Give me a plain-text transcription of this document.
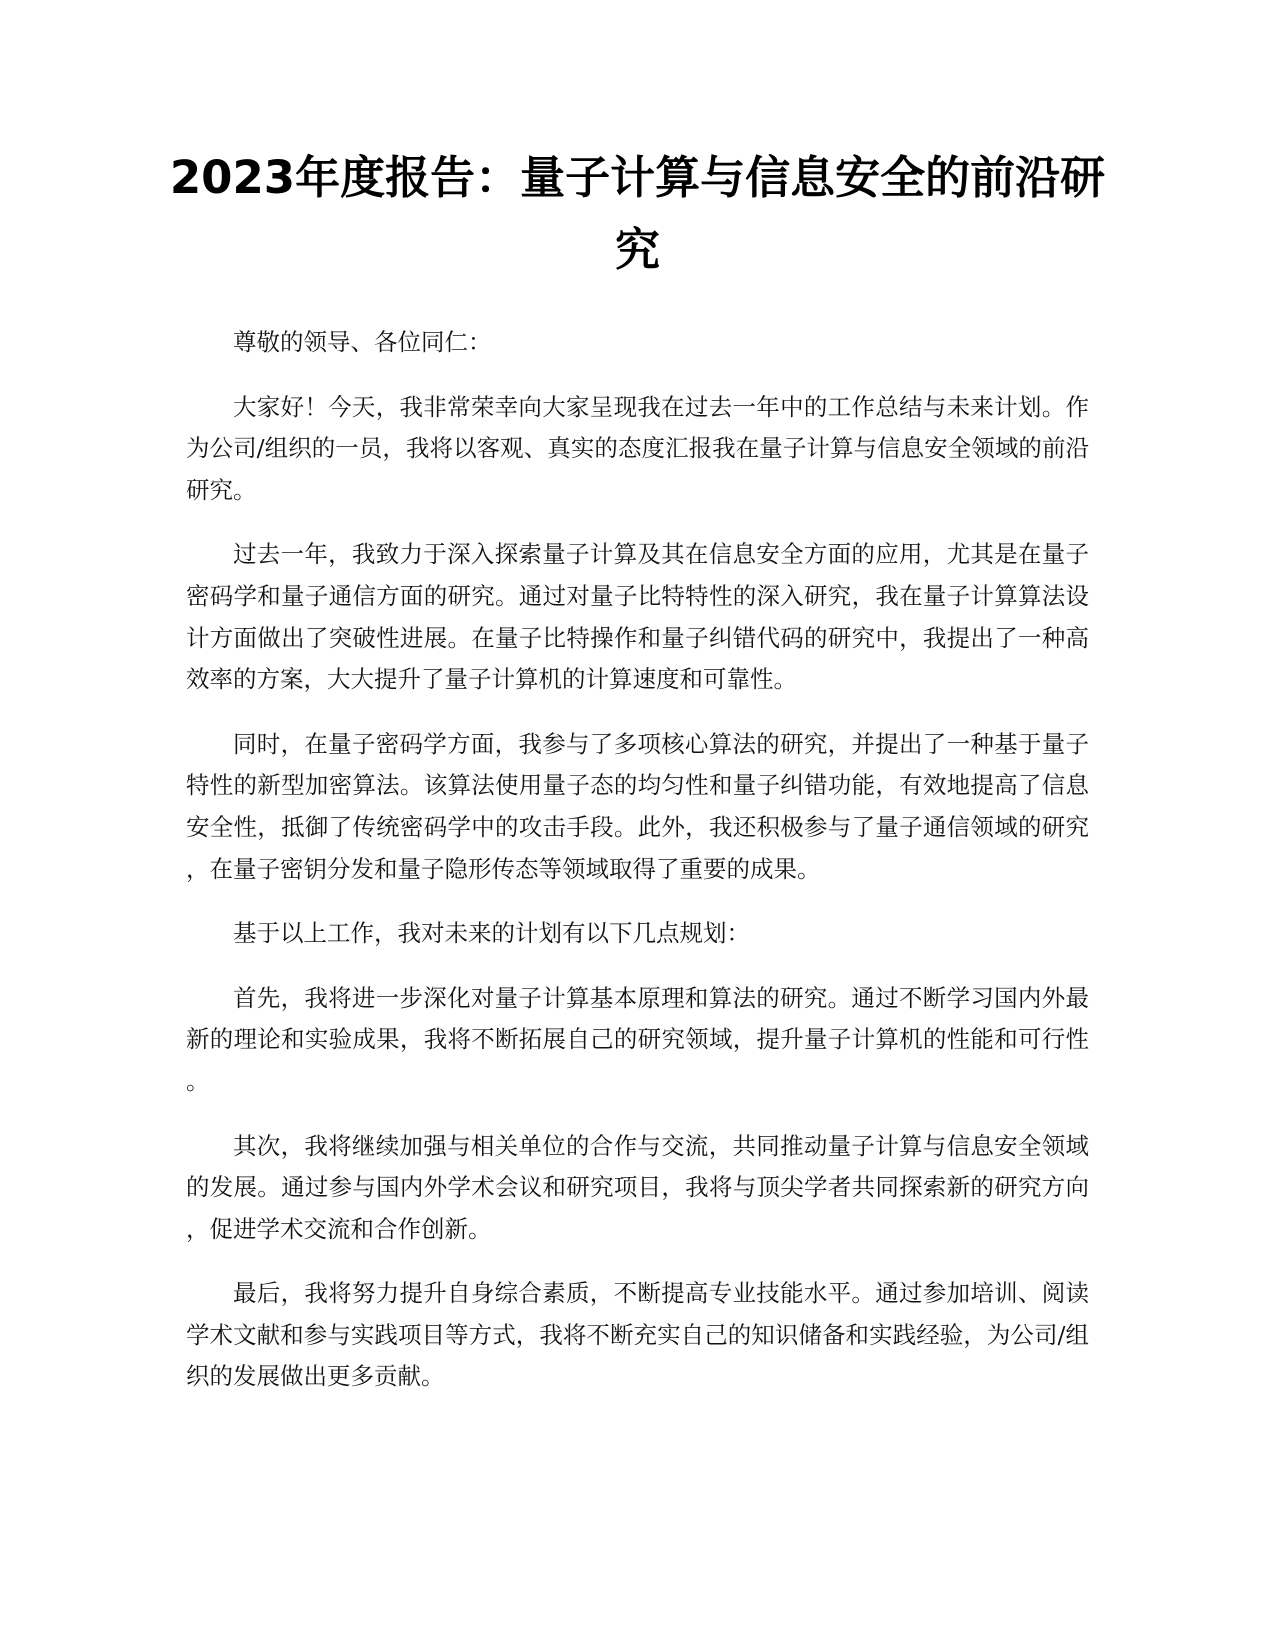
2023年度报告：量子计算与信息安全的前沿研究

尊敬的领导、各位同仁：

大家好！今天，我非常荣幸向大家呈现我在过去一年中的工作总结与未来计划。作为公司/组织的一员，我将以客观、真实的态度汇报我在量子计算与信息安全领域的前沿研究。

过去一年，我致力于深入探索量子计算及其在信息安全方面的应用，尤其是在量子密码学和量子通信方面的研究。通过对量子比特特性的深入研究，我在量子计算算法设计方面做出了突破性进展。在量子比特操作和量子纠错代码的研究中，我提出了一种高效率的方案，大大提升了量子计算机的计算速度和可靠性。

同时，在量子密码学方面，我参与了多项核心算法的研究，并提出了一种基于量子特性的新型加密算法。该算法使用量子态的均匀性和量子纠错功能，有效地提高了信息安全性，抵御了传统密码学中的攻击手段。此外，我还积极参与了量子通信领域的研究，在量子密钥分发和量子隐形传态等领域取得了重要的成果。

基于以上工作，我对未来的计划有以下几点规划：

首先，我将进一步深化对量子计算基本原理和算法的研究。通过不断学习国内外最新的理论和实验成果，我将不断拓展自己的研究领域，提升量子计算机的性能和可行性。

其次，我将继续加强与相关单位的合作与交流，共同推动量子计算与信息安全领域的发展。通过参与国内外学术会议和研究项目，我将与顶尖学者共同探索新的研究方向，促进学术交流和合作创新。

最后，我将努力提升自身综合素质，不断提高专业技能水平。通过参加培训、阅读学术文献和参与实践项目等方式，我将不断充实自己的知识储备和实践经验，为公司/组织的发展做出更多贡献。
